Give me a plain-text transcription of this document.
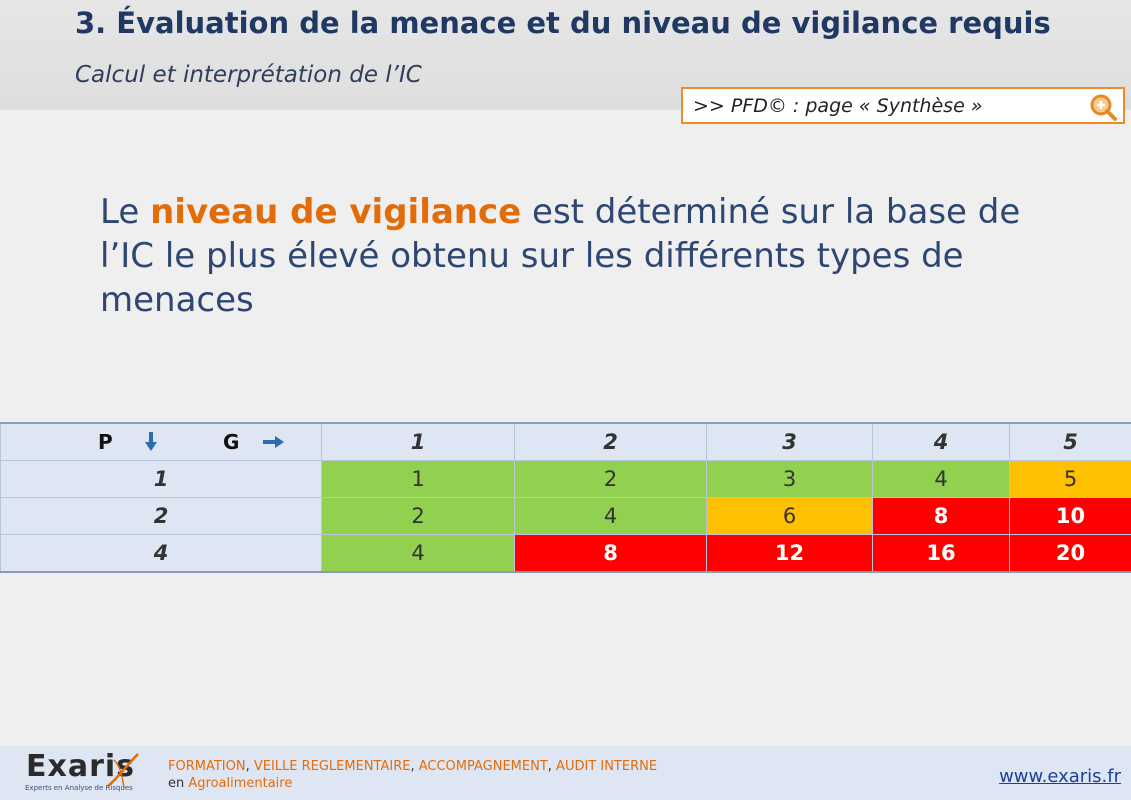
3. Évaluation de la menace et du niveau de vigilance requis
Calcul et interprétation de l’IC
>> PFD© : page « Synthèse »
Le niveau de vigilance est déterminé sur la base de l’IC le plus élevé obtenu sur les différents types de menaces
P G	1	2	3	4	5
1	1	2	3	4	5
2	2	4	6	8	10
4	4	8	12	16	20
Exaris
Experts en Analyse de Risques
FORMATION, VEILLE REGLEMENTAIRE, ACCOMPAGNEMENT, AUDIT INTERNE
en Agroalimentaire	www.exaris.fr
